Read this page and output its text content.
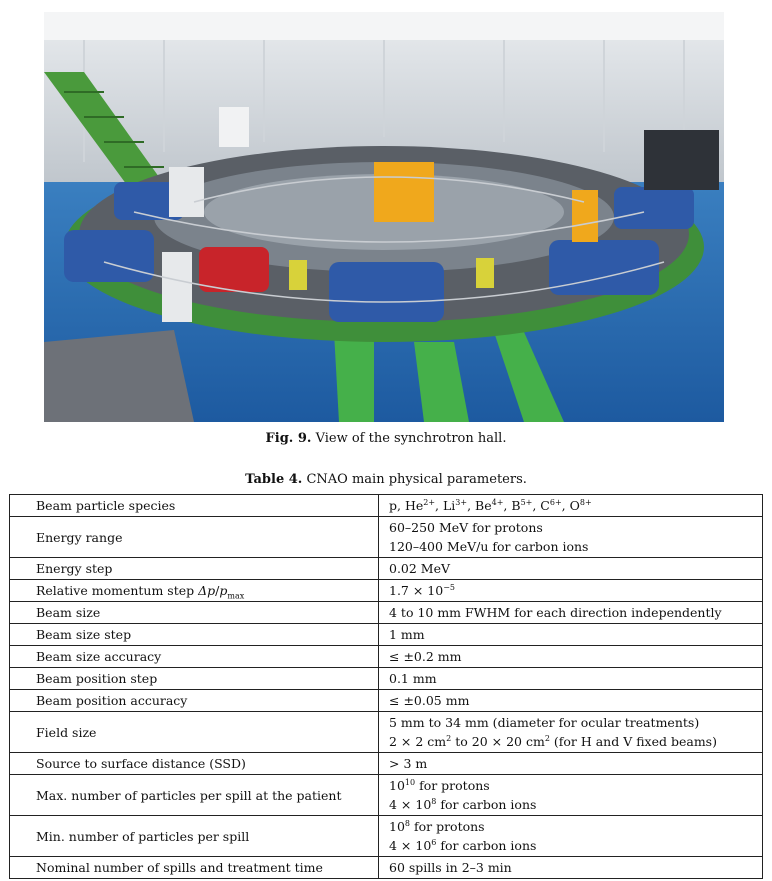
Fig. 9. View of the synchrotron hall.
Table 4. CNAO main physical parameters.
Beam particle species	p, $He^{2+}$, $Li^{3+}$, $Be^{4+}$, $B^{5+}$, $C^{6+}$, $O^{8+}$

Energy range	60–250 MeV for protons
120–400 MeV/u for carbon ions

Energy step	0.02 MeV

Relative momentum step $\Delta p/p_{max}$	$1.7 \times 10^{-5}$

Beam size	4 to 10 mm FWHM for each direction independently

Beam size step	1 mm

Beam size accuracy	≤ ±0.2 mm

Beam position step	0.1 mm

Beam position accuracy	≤ ±0.05 mm

Field size	5 mm to 34 mm (diameter for ocular treatments)
2 × 2 $cm^2$ to 20 × 20 $cm^2$ (for H and V fixed beams)

Source to surface distance (SSD)	> 3 m

Max. number of particles per spill at the patient	$10^{10}$ for protons
$4 \times 10^8$ for carbon ions

Min. number of particles per spill	$10^8$ for protons
$4 \times 10^6$ for carbon ions

Nominal number of spills and treatment time	60 spills in 2–3 min
